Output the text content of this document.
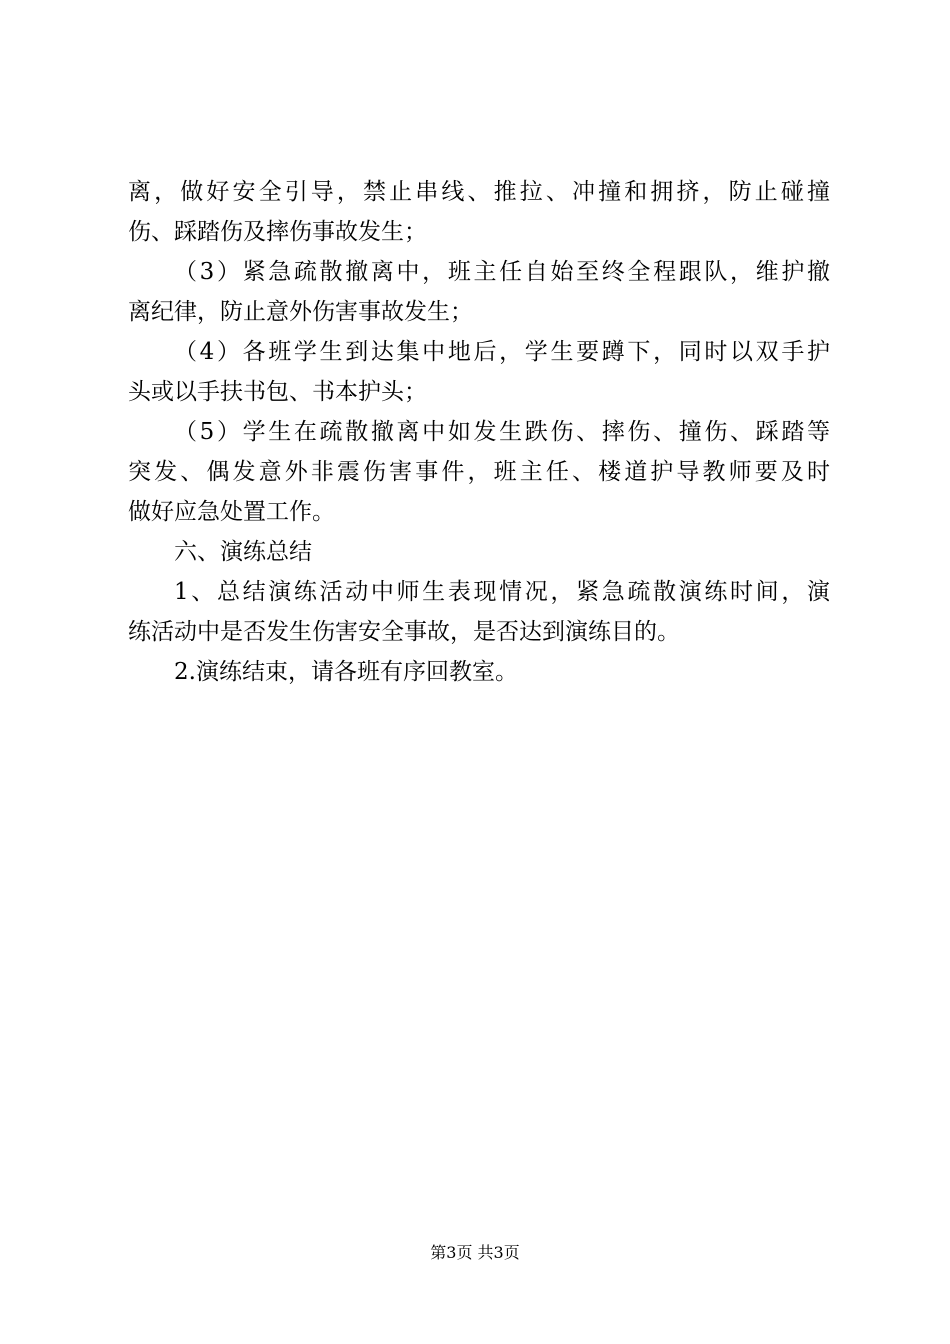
离，做好安全引导，禁止串线、推拉、冲撞和拥挤，防止碰撞
伤、踩踏伤及摔伤事故发生；
（3）紧急疏散撤离中，班主任自始至终全程跟队，维护撤
离纪律，防止意外伤害事故发生；
（4）各班学生到达集中地后，学生要蹲下，同时以双手护
头或以手扶书包、书本护头；
（5）学生在疏散撤离中如发生跌伤、摔伤、撞伤、踩踏等
突发、偶发意外非震伤害事件，班主任、楼道护导教师要及时
做好应急处置工作。
六、演练总结
1、总结演练活动中师生表现情况，紧急疏散演练时间，演
练活动中是否发生伤害安全事故，是否达到演练目的。
2.演练结束，请各班有序回教室。
第3页 共3页
